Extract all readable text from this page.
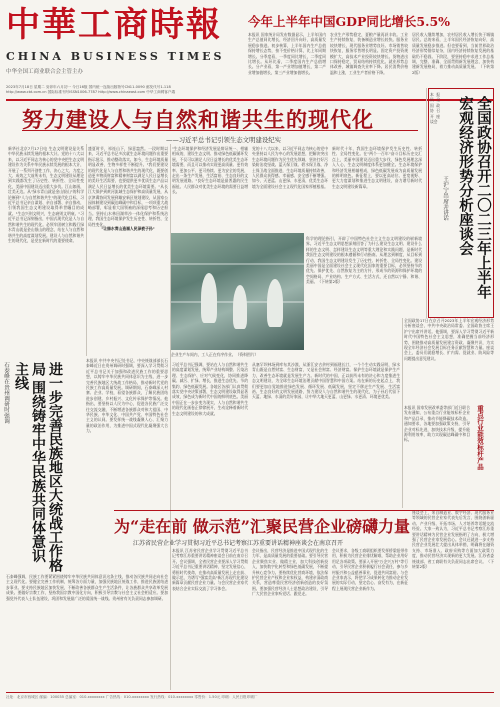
中華工商時報
CHINA BUSINESS TIMES
中华全国工商业联合会主管主办
2023年7月18日 星期二 癸卯年六月初一 今日16版 国内统一连续出版物号CN11-0090 邮发代号1-118
http://www.cbt.com.cn 国际标准刊号ISSN1006-7787 http://www.chinaeast.com 中华工商网客户端
今年上半年中国GDP同比增长5.5%
本报讯 国家统计局发布数据显示，上半年国内生产总值同比增长，经济回升向好，高质量发展稳步推进。初步核算，上半年国内生产总值保持增长态势，按不变价格计算，比上年同期增长。分季度看，一季度同比增长，二季度同比增长。从环比看，二季度国内生产总值增长。分产业看，第一产业增加值增长，第二产业增加值增长，第三产业增加值增长。
农业生产形势稳定，夏粮产量再获丰收。工业生产持续恢复，装备制造业增长较快。服务业较快增长，现代服务业增势良好。市场销售较快恢复，服务零售增长明显。固定资产投资规模扩大，高技术产业投资较快增长。货物进出口保持稳定，贸易结构持续优化。就业形势总体改善，城镇调查失业率下降。居民消费价格温和上涨，工业生产者价格下降。
居民收入继续增加，农村居民收入增长快于城镇居民。总的来看，上半年国民经济恢复向好，高质量发展稳步推进。但也要看到，当前世界政治经济形势错综复杂，国内经济持续恢复发展的基础仍不稳固。下阶段，要坚持稳中求进工作总基调，完整、准确、全面贯彻新发展理念，加快构建新发展格局，着力推动高质量发展。（下转第2版）
努力建设人与自然和谐共生的现代化
——习近平总书记引领生态文明建设纪实
新华社北京7月17日电 生态文明建设是关系中华民族永续发展的根本大计。党的十八大以来，以习近平同志为核心的党中央把生态文明建设作为关系中华民族永续发展的根本大计，开展了一系列开创性工作，决心之大、力度之大、成效之大前所未有，生态文明建设从理论到实践都发生了历史性、转折性、全局性变化，美丽中国建设迈出重大步伐。江山如画，壮美无边。从"绿水青山就是金山银山"的科学论断到"人与自然和谐共生"的现代化目标，习近平总书记亲自谋划、亲自部署、亲自推动，引领我国生态文明建设取得举世瞩目的成就。"生态兴则文明兴，生态衰则文明衰。"习近平总书记深刻指出，中国式现代化是人与自然和谐共生的现代化。必须牢固树立和践行绿水青山就是金山银山的理念，站在人与自然和谐共生的高度谋划发展。建设人与自然和谐共生的现代化，是党在新时代的重要使命。
盛夏时节，祁连山下，绿意盎然。一段时期以来，习近平总书记多次就生态环境问题作出重要指示批示，推动整改落实。如今，生态环境质量明显改善，生物多样性不断提升。"我们要建设的现代化是人与自然和谐共生的现代化，既要创造更多物质财富和精神财富以满足人民日益增长的美好生活需要，也要提供更多优质生态产品以满足人民日益增长的优美生态环境需要。"从长江大保护到黄河流域生态保护和高质量发展，从京津冀协同发展到雄安新区规划建设，从国家公园体制建设到碳达峰碳中和目标，一项项重大战略部署，彰显着大国领袖的深邃思考和历史担当。坚持山水林田湖草沙一体化保护和系统治理，我国生态环境保护发生历史性、转折性、全局性变化。
"让绿水青山造福人民泽被子孙"
"生态环境保护和经济发展是辩证统一、相辅相成的，建设生态文明、推动绿色低碳循环发展，不仅可以满足人民日益增长的优美生态环境需要，而且可以推动实现更高质量、更有效率、更加公平、更可持续、更为安全的发展，走出一条生产发展、生活富裕、生态良好的文明发展道路。"良好生态环境是最普惠的民生福祉。人民群众对优美生态环境的需要日益增长。
党的十八大以来，以习近平同志为核心的党中央坚持以人民为中心的发展思想，把解决突出生态环境问题作为民生优先领域，坚决打好污染防治攻坚战。蓝天保卫战、碧水保卫战、净土保卫战全面推进，生态环境质量持续改善，人民群众获得感、幸福感、安全感不断增强。如今，天更蓝、山更绿、水更清，优美生态环境为全面建设社会主义现代化国家厚植根基。
新时代十年，我国生态环境保护发生历史性、转折性、全局性变化。在"两个一百年"奋斗目标历史交汇点上，美丽中国建设迈出重大步伐，绿色发展理念深入人心，生态文明制度体系更加健全。生态环境保护和经济发展相辅相成，绿色低碳发展成为高质量发展的鲜明底色。新征程上，要以更高站位、更宽视野、更大力度谋划和推进生态文明建设，奋力谱写新时代生态文明建设新篇章。
科学的理论指引，开辟了中国特色社会主义生态文明建设的崭新境界。习近平生态文明思想深刻回答了为什么建设生态文明、建设什么样的生态文明、怎样建设生态文明等重大理论和实践问题，是新时代我国生态文明建设的根本遵循和行动指南。从理念到制度，从目标到行动，我国生态文明建设发生了历史性、转折性、全局性变化。建设美丽中国是全面建设社会主义现代化国家的重要目标，必须坚持节约优先、保护优先、自然恢复为主的方针，形成节约资源和保护环境的空间格局、产业结构、生产方式、生活方式，还自然以宁静、和谐、美丽。（下转第2版）
企业生产车间内，工人正在有序作业。（资料图片）
全国政协召开二〇二三年上半年宏观经济形势分析座谈会
王沪宁出席并讲话
本报讯全国政协召开座谈会
全国政协17日在京召开2023年上半年宏观经济形势分析座谈会，中共中央政治局常委、全国政协主席王沪宁出席并讲话。他强调，要深入学习贯彻习近平新时代中国特色社会主义思想，准确把握当前经济形势，围绕推动高质量发展建言资政、凝聚共识，为实现全年经济社会发展目标任务贡献智慧和力量。座谈会上，委员们就稳增长、扩内需、促就业、防风险等问题提出意见建议。
重点行业能效标杆产品
本报讯 国家发展改革委等部门近日联合发布通知，公布重点行业能效标杆企业和产品目录，推动节能降碳技术改造。通知要求，各地要加强政策支持，引导企业对标先进，加快技术升级，提升能源利用效率，助力实现碳达峰碳中和目标。
进一步完善民族地区大统战工作格局 围绕铸牢中华民族共同体意识主线
石泰峰在贵州调研时强调
本报讯 中共中央书记处书记、中央统战部部长石泰峰近日在贵州调研时强调，要深入学习贯彻习近平总书记关于加强和改进民族工作的重要思想，以铸牢中华民族共同体意识为主线，进一步完善民族地区大统战工作格局，推动新时代党的民族工作高质量发展。调研期间，石泰峰深入村寨、企业、学校，看望各族群众，了解民族团结进步创建、乡村振兴、文化传承保护等情况。他指出，要坚持以人民为中心，促进各民族广泛交往交流交融，不断增进各族群众对伟大祖国、中华民族、中华文化、中国共产党、中国特色社会主义的认同。要发挥统一战线凝聚人心、汇聚力量的政治作用，为推进中国式现代化凝聚强大合力。
石泰峰强调，民族工作要紧紧围绕铸牢中华民族共同体意识这条主线，推动各民族共同走向社会主义现代化。要健全完善工作机制，统筹各方面力量，加强民族地区统战工作，推进民族团结进步事业。要支持民族地区加快发展，不断改善各族群众生产生活条件，让各族群众共享改革发展成果。要做好宗教工作，坚持我国宗教中国化方向，积极引导宗教与社会主义社会相适应。要加强党外代表人士队伍建设，巩固和发展最广泛的爱国统一战线。贵州省有关负责同志参加调研。
习近平总书记强调，要站在人与自然和谐共生的高度谋划发展，统筹产业结构调整、污染治理、生态保护、应对气候变化，协同推进降碳、减污、扩绿、增长，推进生态优先、节约集约、绿色低碳发展。各地区各部门认真贯彻落实党中央决策部署，生态文明建设取得显著成效，绿色成为新时代中国的鲜明底色。美丽中国正在一步步变为现实，人与自然和谐共生的现代化画卷正徐徐展开，生动诠释着新时代生态文明建设的伟大成就。
从塞罕坝林场到库布其沙漠，从浙江安吉余村到福建长汀，一个个生动实践证明，绿水青山既是自然财富、生态财富，又是社会财富、经济财富。保护生态环境就是保护生产力，改善生态环境就是发展生产力。新时代的中国，正以前所未有的决心和力度推进生态文明建设，为全球生态环境治理贡献中国智慧和中国方案。站在新的历史起点上，我们要更加自觉地推进绿色发展、循环发展、低碳发展，坚定不移走生产发展、生活富裕、生态良好的文明发展道路，努力建设人与自然和谐共生的现代化，为子孙后代留下天蓝、地绿、水清的美好家园，让中华大地天更蓝、山更绿、水更清、环境更优美。
为“走在前 做示范”汇聚民营企业磅礴力量
江苏省民营企业学习贯彻习近平总书记考察江苏重要讲话精神座谈会在南京召开
本报讯 江苏省民营企业学习贯彻习近平总书记考察江苏重要讲话精神座谈会日前在南京召开。会议强调，全省民营企业要深入学习贯彻习近平总书记重要讲话精神，坚定发展信心，勇担时代使命，在推动高质量发展上走在前、做示范，为谱写"强富美高"新江苏现代化建设新篇章贡献民营企业力量。与会民营企业家代表结合企业实际交流了学习体会。
会议指出，民营经济是推进中国式现代化的生力军，是高质量发展的重要基础。要引导民营企业聚焦实业、做精主业，加大科技创新投入，加快数字化转型和绿色低碳发展，不断提升核心竞争力。要持续优化营商环境，依法保护民营企业产权和企业家权益，构建亲清政商关系，营造尊重民营经济创新创造的良好氛围。要加强民营经济人士思想政治建设，引导广大民营企业家听党话、跟党走。
会议要求，各级工商联组织要发挥桥梁纽带作用，积极为民营企业排忧解难，帮助企业用好用足各项政策。要深入开展"万企兴万村"等行动，引导民营企业积极履行社会责任，参与乡村振兴和公益慈善事业，促进共同富裕。与会企业家表示，将把学习成果转化为推动企业发展的实际行动，坚定信心、奋发有为，在新征程上展现民营企业新作为。
座谈会上，来自制造业、数字经济、现代服务业等领域的民营企业家代表先后发言，围绕创新驱动、产业升级、开拓市场、人才培养等话题交流经验。大家一致认为，习近平总书记考察江苏重要讲话精神为民营企业发展指明了方向，极大增强了民营企业家发展信心。会议还就进一步支持民营企业发展壮大提出具体举措，明确将在融资支持、市场准入、政府采购等方面加大政策力度，推动民营经济实现新的更大发展。江苏省委统战部、省工商联有关负责同志出席会议。（下转第2版）
社址：北京市西城区 邮编：100035 总编室：010-xxxxxxxx 广告热线：010-xxxxxxxx 发行热线：010-xxxxxxxx 零售价：1.50元 印刷：人民日报印刷厂
